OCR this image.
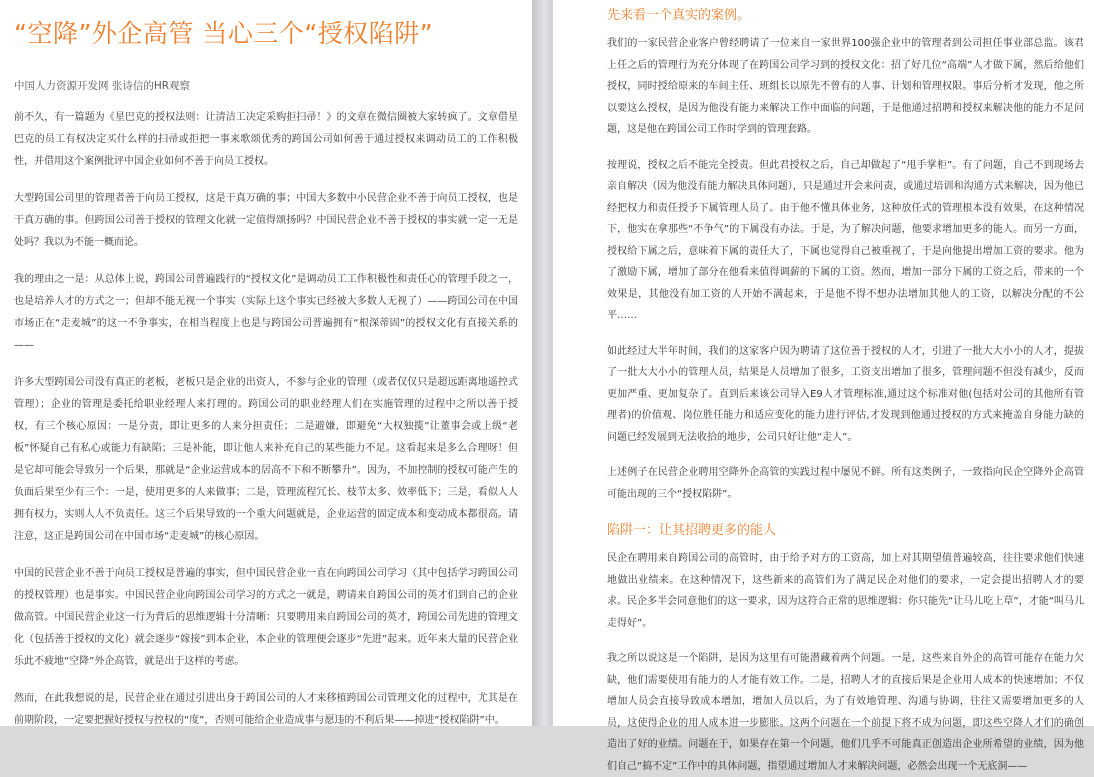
“空降”外企高管 当心三个“授权陷阱”
中国人力资源开发网 张诗信的HR观察

前不久，有一篇题为《星巴克的授权法则：让清洁工决定采购拒扫帚！》的文章在微信圈被大家转疯了。文章借星巴克的员工有权决定买什么样的扫帚或拒把一事来歌颂优秀的跨国公司如何善于通过授权来调动员工的工作积极性，并借用这个案例批评中国企业如何不善于向员工授权。

大型跨国公司里的管理者善于向员工授权，这是干真万确的事；中国大多数中小民营企业不善于向员工授权，也是干真万确的事。但跨国公司善于授权的管理文化就一定值得颂扬吗？中国民营企业不善于授权的事实就一定一无是处吗？我以为不能一概而论。

我的理由之一是：从总体上说，跨国公司普遍践行的“授权文化”是调动员工工作积极性和责任心的管理手段之一，也是培养人才的方式之一；但却不能无视一个事实（实际上这个事实已经被大多数人无视了）——跨国公司在中国市场正在“走麦城”的这一不争事实，在相当程度上也是与跨国公司普遍拥有“根深蒂固”的授权文化有直接关系的——

许多大型跨国公司没有真正的老板，老板只是企业的出资人，不参与企业的管理（或者仅仅只是超远距离地遥控式管理）；企业的管理是委托给职业经理人来打理的。跨国公司的职业经理人们在实施管理的过程中之所以善于授权，有三个核心原因：一是分责，即让更多的人来分担责任；二是避嫌，即避免“大权独揽”让董事会或上级“老板”怀疑自己有私心或能力有缺陷；三是补能，即让他人来补充自己的某些能力不足。这看起来是多么合理呀！但是它却可能会导致另一个后果，那就是“企业运营成本的居高不下和不断攀升”。因为，不加控制的授权可能产生的负面后果至少有三个：一是，使用更多的人来做事；二是，管理流程冗长、枝节太多、效率低下；三是，看似人人拥有权力，实则人人不负责任。这三个后果导致的一个重大问题就是，企业运营的固定成本和变动成本都很高。请注意，这正是跨国公司在中国市场“走麦城”的核心原因。

中国的民营企业不善于向员工授权是普遍的事实，但中国民营企业一直在向跨国公司学习（其中包括学习跨国公司的授权管理）也是事实。中国民营企业向跨国公司学习的方式之一就是，聘请来自跨国公司的英才们到自己的企业做高管。中国民营企业这一行为背后的思维逻辑十分清晰：只要聘用来自跨国公司的英才，跨国公司先进的管理文化（包括善于授权的文化）就会逐步“嫁接”到本企业，本企业的管理便会逐步“先进”起来。近年来大量的民营企业乐此不疲地“空降”外企高管，就是出于这样的考虑。

然而，在此我想说的是，民营企业在通过引进出身于跨国公司的人才来移植跨国公司管理文化的过程中，尤其是在前期阶段，一定要把握好授权与控权的“度”，否则可能给企业造成事与愿违的不利后果——掉进“授权陷阱”中。

先来看一个真实的案例。

我们的一家民营企业客户曾经聘请了一位来自一家世界100强企业中的管理者到公司担任事业部总监。该君上任之后的管理行为充分体现了在跨国公司学习到的授权文化：招了好几位“高端”人才做下属，然后给他们授权，同时授给原来的车间主任、班组长以原先不曾有的人事、计划和管理权限。事后分析才发现，他之所以要这么授权，是因为他没有能力来解决工作中面临的问题，于是他通过招聘和授权来解决他的能力不足问题，这是他在跨国公司工作时学到的管理套路。

按理说，授权之后不能完全授责。但此君授权之后，自己却做起了“甩手掌柜”。有了问题，自己不到现场去亲自解决（因为他没有能力解决具体问题），只是通过开会来问责，或通过培训和沟通方式来解决，因为他已经把权力和责任授予下属管理人员了。由于他不懂具体业务，这种放任式的管理根本没有效果，在这种情况下，他实在拿那些“不争气”的下属没有办法。于是，为了解决问题，他要求增加更多的能人。而另一方面，授权给下属之后，意味着下属的责任大了，下属也觉得自己被重视了，于是向他提出增加工资的要求。他为了激励下属，增加了部分在他看来值得调薪的下属的工资。然而，增加一部分下属的工资之后，带来的一个效果是，其他没有加工资的人开始不满起来，于是他不得不想办法增加其他人的工资，以解决分配的不公平……

如此经过大半年时间，我们的这家客户因为聘请了这位善于授权的人才，引进了一批大大小小的人才，提拔了一批大大小小的管理人员，结果是人员增加了很多，工资支出增加了很多，管理问题不但没有减少，反而更加严重、更加复杂了。直到后来该公司导入E9人才管理标准,通过这个标准对他(包括对公司的其他所有管理者)的价值观、岗位胜任能力和适应变化的能力进行评估,才发现到他通过授权的方式来掩盖自身能力缺的问题已经发展到无法收拾的地步，公司只好让他“走人”。

上述例子在民营企业聘用空降外企高管的实践过程中屡见不鲜。所有这类例子，一致指向民企空降外企高管可能出现的三个“授权陷阱”。

陷阱一：让其招聘更多的能人

民企在聘用来自跨国公司的高管时，由于给予对方的工资高，加上对其期望值普遍较高，往往要求他们快速地做出业绩来。在这种情况下，这些新来的高管们为了满足民企对他们的要求，一定会提出招聘人才的要求。民企多半会同意他们的这一要求，因为这符合正常的思维逻辑：你只能先“让马儿吃上草”，才能“叫马儿走得好”。

我之所以说这是一个陷阱，是因为这里有可能潜藏着两个问题。一是，这些来自外企的高管可能存在能力欠缺，他们需要使用有能力的人才能有效工作。二是，招聘人才的直接后果是企业用人成本的快速增加；不仅增加人员会直接导致成本增加，增加人员以后，为了有效地管理、沟通与协调，往往又需要增加更多的人员，这使得企业的用人成本进一步膨胀。这两个问题在一个前提下将不成为问题，即这些空降人才们的确创造出了好的业绩。问题在于，如果存在第一个问题，他们几乎不可能真正创造出企业所希望的业绩，因为他们自己“搞不定”工作中的具体问题，指望通过增加人才来解决问题，必然会出现一个无底洞——
